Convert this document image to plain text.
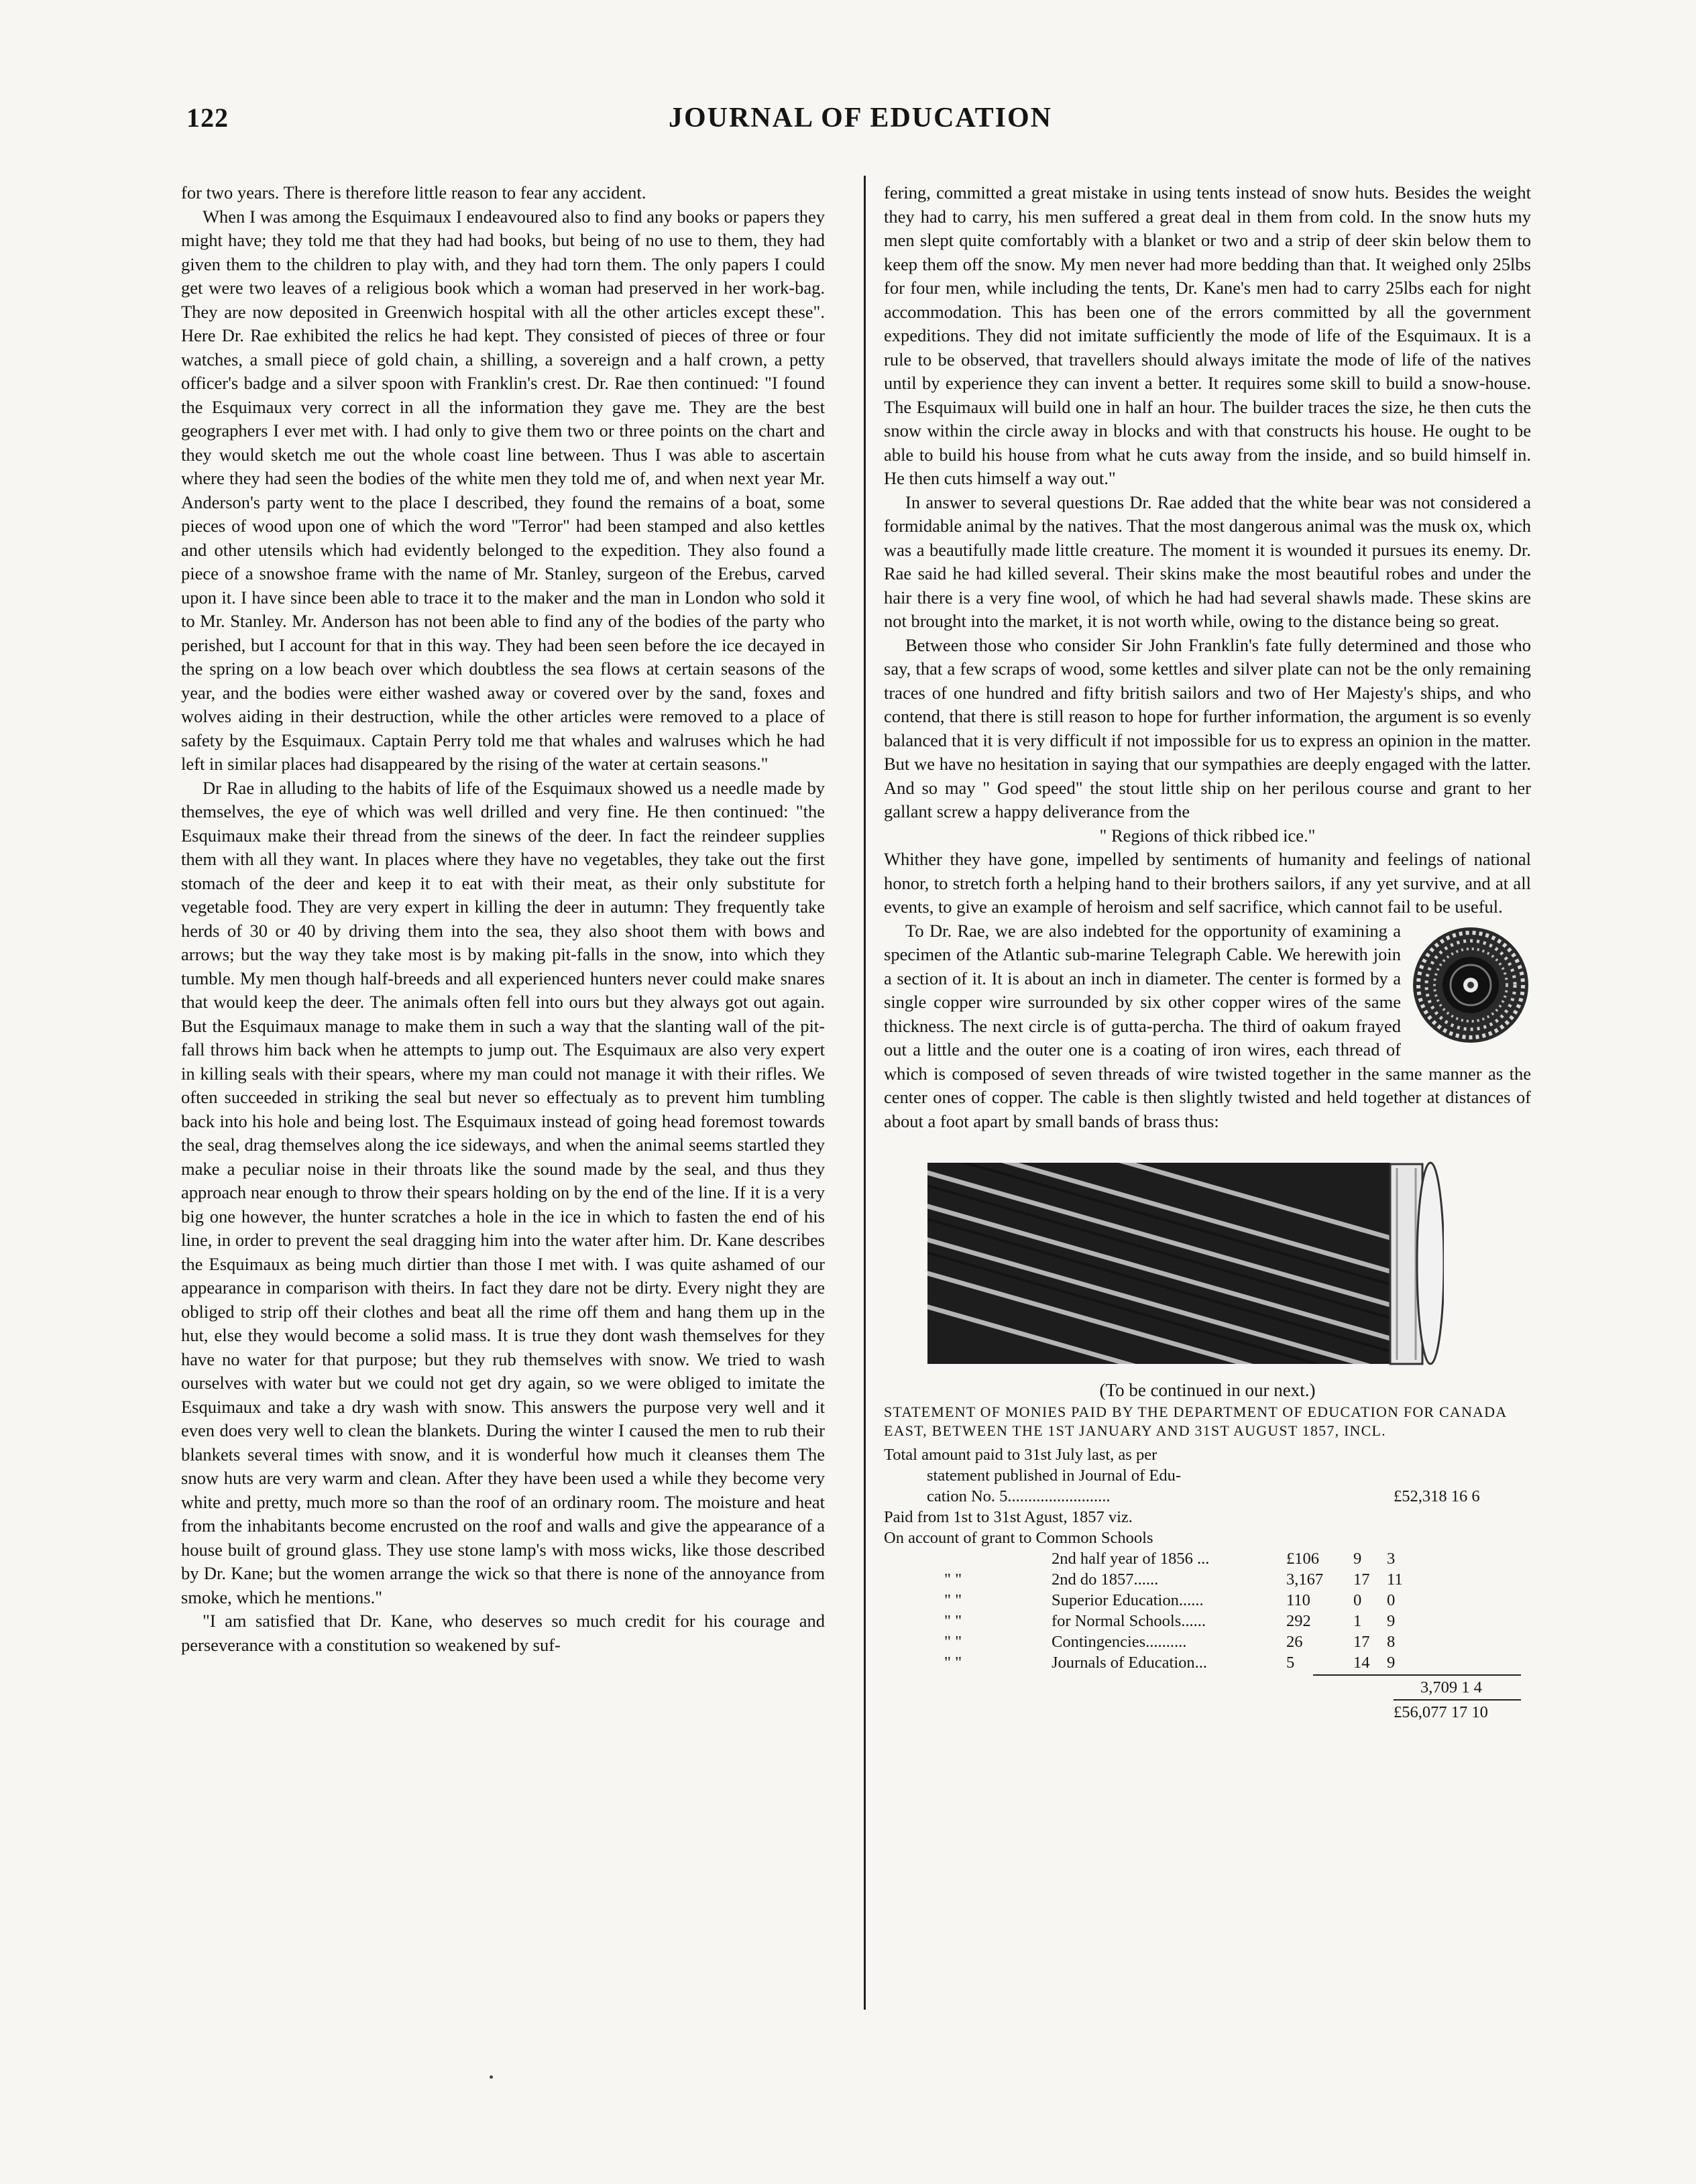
122	JOURNAL OF EDUCATION

for two years. There is therefore little reason to fear any accident.

When I was among the Esquimaux I endeavoured also to find any books or papers they might have; they told me that they had had books, but being of no use to them, they had given them to the children to play with, and they had torn them. The only papers I could get were two leaves of a religious book which a woman had preserved in her work-bag. They are now deposited in Greenwich hospital with all the other articles except these". Here Dr. Rae exhibited the relics he had kept. They consisted of pieces of three or four watches, a small piece of gold chain, a shilling, a sovereign and a half crown, a petty officer's badge and a silver spoon with Franklin's crest. Dr. Rae then continued: "I found the Esquimaux very correct in all the information they gave me. They are the best geographers I ever met with. I had only to give them two or three points on the chart and they would sketch me out the whole coast line between. Thus I was able to ascertain where they had seen the bodies of the white men they told me of, and when next year Mr. Anderson's party went to the place I described, they found the remains of a boat, some pieces of wood upon one of which the word "Terror" had been stamped and also kettles and other utensils which had evidently belonged to the expedition. They also found a piece of a snowshoe frame with the name of Mr. Stanley, surgeon of the Erebus, carved upon it. I have since been able to trace it to the maker and the man in London who sold it to Mr. Stanley. Mr. Anderson has not been able to find any of the bodies of the party who perished, but I account for that in this way. They had been seen before the ice decayed in the spring on a low beach over which doubtless the sea flows at certain seasons of the year, and the bodies were either washed away or covered over by the sand, foxes and wolves aiding in their destruction, while the other articles were removed to a place of safety by the Esquimaux. Captain Perry told me that whales and walruses which he had left in similar places had disappeared by the rising of the water at certain seasons."

Dr Rae in alluding to the habits of life of the Esquimaux showed us a needle made by themselves, the eye of which was well drilled and very fine. He then continued: "the Esquimaux make their thread from the sinews of the deer. In fact the reindeer supplies them with all they want. In places where they have no vegetables, they take out the first stomach of the deer and keep it to eat with their meat, as their only substitute for vegetable food. They are very expert in killing the deer in autumn: They frequently take herds of 30 or 40 by driving them into the sea, they also shoot them with bows and arrows; but the way they take most is by making pit-falls in the snow, into which they tumble. My men though half-breeds and all experienced hunters never could make snares that would keep the deer. The animals often fell into ours but they always got out again. But the Esquimaux manage to make them in such a way that the slanting wall of the pit-fall throws him back when he attempts to jump out. The Esquimaux are also very expert in killing seals with their spears, where my man could not manage it with their rifles. We often succeeded in striking the seal but never so effectualy as to prevent him tumbling back into his hole and being lost. The Esquimaux instead of going head foremost towards the seal, drag themselves along the ice sideways, and when the animal seems startled they make a peculiar noise in their throats like the sound made by the seal, and thus they approach near enough to throw their spears holding on by the end of the line. If it is a very big one however, the hunter scratches a hole in the ice in which to fasten the end of his line, in order to prevent the seal dragging him into the water after him. Dr. Kane describes the Esquimaux as being much dirtier than those I met with. I was quite ashamed of our appearance in comparison with theirs. In fact they dare not be dirty. Every night they are obliged to strip off their clothes and beat all the rime off them and hang them up in the hut, else they would become a solid mass. It is true they dont wash themselves for they have no water for that purpose; but they rub themselves with snow. We tried to wash ourselves with water but we could not get dry again, so we were obliged to imitate the Esquimaux and take a dry wash with snow. This answers the purpose very well and it even does very well to clean the blankets. During the winter I caused the men to rub their blankets several times with snow, and it is wonderful how much it cleanses them The snow huts are very warm and clean. After they have been used a while they become very white and pretty, much more so than the roof of an ordinary room. The moisture and heat from the inhabitants become encrusted on the roof and walls and give the appearance of a house built of ground glass. They use stone lamp's with moss wicks, like those described by Dr. Kane; but the women arrange the wick so that there is none of the annoyance from smoke, which he mentions."

"I am satisfied that Dr. Kane, who deserves so much credit for his courage and perseverance with a constitution so weakened by suf-

fering, committed a great mistake in using tents instead of snow huts. Besides the weight they had to carry, his men suffered a great deal in them from cold. In the snow huts my men slept quite comfortably with a blanket or two and a strip of deer skin below them to keep them off the snow. My men never had more bedding than that. It weighed only 25lbs for four men, while including the tents, Dr. Kane's men had to carry 25lbs each for night accommodation. This has been one of the errors committed by all the government expeditions. They did not imitate sufficiently the mode of life of the Esquimaux. It is a rule to be observed, that travellers should always imitate the mode of life of the natives until by experience they can invent a better. It requires some skill to build a snow-house. The Esquimaux will build one in half an hour. The builder traces the size, he then cuts the snow within the circle away in blocks and with that constructs his house. He ought to be able to build his house from what he cuts away from the inside, and so build himself in. He then cuts himself a way out."

In answer to several questions Dr. Rae added that the white bear was not considered a formidable animal by the natives. That the most dangerous animal was the musk ox, which was a beautifully made little creature. The moment it is wounded it pursues its enemy. Dr. Rae said he had killed several. Their skins make the most beautiful robes and under the hair there is a very fine wool, of which he had had several shawls made. These skins are not brought into the market, it is not worth while, owing to the distance being so great.

Between those who consider Sir John Franklin's fate fully determined and those who say, that a few scraps of wood, some kettles and silver plate can not be the only remaining traces of one hundred and fifty british sailors and two of Her Majesty's ships, and who contend, that there is still reason to hope for further information, the argument is so evenly balanced that it is very difficult if not impossible for us to express an opinion in the matter. But we have no hesitation in saying that our sympathies are deeply engaged with the latter. And so may " God speed" the stout little ship on her perilous course and grant to her gallant screw a happy deliverance from the

" Regions of thick ribbed ice."

Whither they have gone, impelled by sentiments of humanity and feelings of national honor, to stretch forth a helping hand to their brothers sailors, if any yet survive, and at all events, to give an example of heroism and self sacrifice, which cannot fail to be useful.

To Dr. Rae, we are also indebted for the opportunity of examining a specimen of the Atlantic sub-marine Telegraph Cable. We herewith join a section of it. It is about an inch in diameter. The center is formed by a single copper wire surrounded by six other copper wires of the same thickness. The next circle is of gutta-percha. The third of oakum frayed out a little and the outer one is a coating of iron wires, each thread of which is composed of seven threads of wire twisted together in the same manner as the center ones of copper. The cable is then slightly twisted and held together at distances of about a foot apart by small bands of brass thus:

(To be continued in our next.)

STATEMENT OF MONIES PAID BY THE DEPARTMENT OF EDUCATION FOR CANADA EAST, BETWEEN THE 1ST JANUARY AND 31ST AUGUST 1857, INCL.
Total amount paid to 31st July last, as per
statement published in Journal of Edu-
cation No. 5.........................	£52,318 16 6
Paid from 1st to 31st Agust, 1857 viz.
On account of grant to Common Schools
2nd half year of 1856 ...	£106 9 3
" "	2nd do 1857......	3,167 17 11
" "	Superior Education......	110	0 0
" "	for Normal Schools......	292	1 9
" "	Contingencies..........	26	17 8
" "	Journals of Education...	5	14 9
3,709 1 4
£56,077 17 10
